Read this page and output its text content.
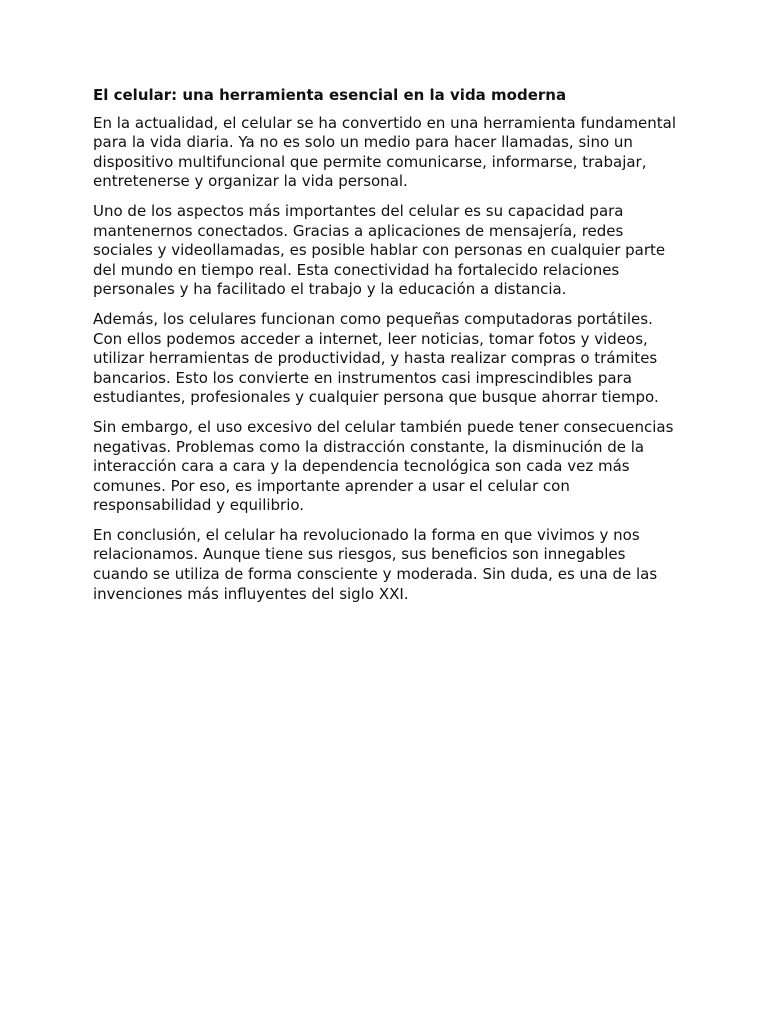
El celular: una herramienta esencial en la vida moderna

En la actualidad, el celular se ha convertido en una herramienta fundamental para la vida diaria. Ya no es solo un medio para hacer llamadas, sino un dispositivo multifuncional que permite comunicarse, informarse, trabajar, entretenerse y organizar la vida personal.

Uno de los aspectos más importantes del celular es su capacidad para mantenernos conectados. Gracias a aplicaciones de mensajería, redes sociales y videollamadas, es posible hablar con personas en cualquier parte del mundo en tiempo real. Esta conectividad ha fortalecido relaciones personales y ha facilitado el trabajo y la educación a distancia.

Además, los celulares funcionan como pequeñas computadoras portátiles. Con ellos podemos acceder a internet, leer noticias, tomar fotos y videos, utilizar herramientas de productividad, y hasta realizar compras o trámites bancarios. Esto los convierte en instrumentos casi imprescindibles para estudiantes, profesionales y cualquier persona que busque ahorrar tiempo.

Sin embargo, el uso excesivo del celular también puede tener consecuencias negativas. Problemas como la distracción constante, la disminución de la interacción cara a cara y la dependencia tecnológica son cada vez más comunes. Por eso, es importante aprender a usar el celular con responsabilidad y equilibrio.

En conclusión, el celular ha revolucionado la forma en que vivimos y nos relacionamos. Aunque tiene sus riesgos, sus beneficios son innegables cuando se utiliza de forma consciente y moderada. Sin duda, es una de las invenciones más influyentes del siglo XXI.
